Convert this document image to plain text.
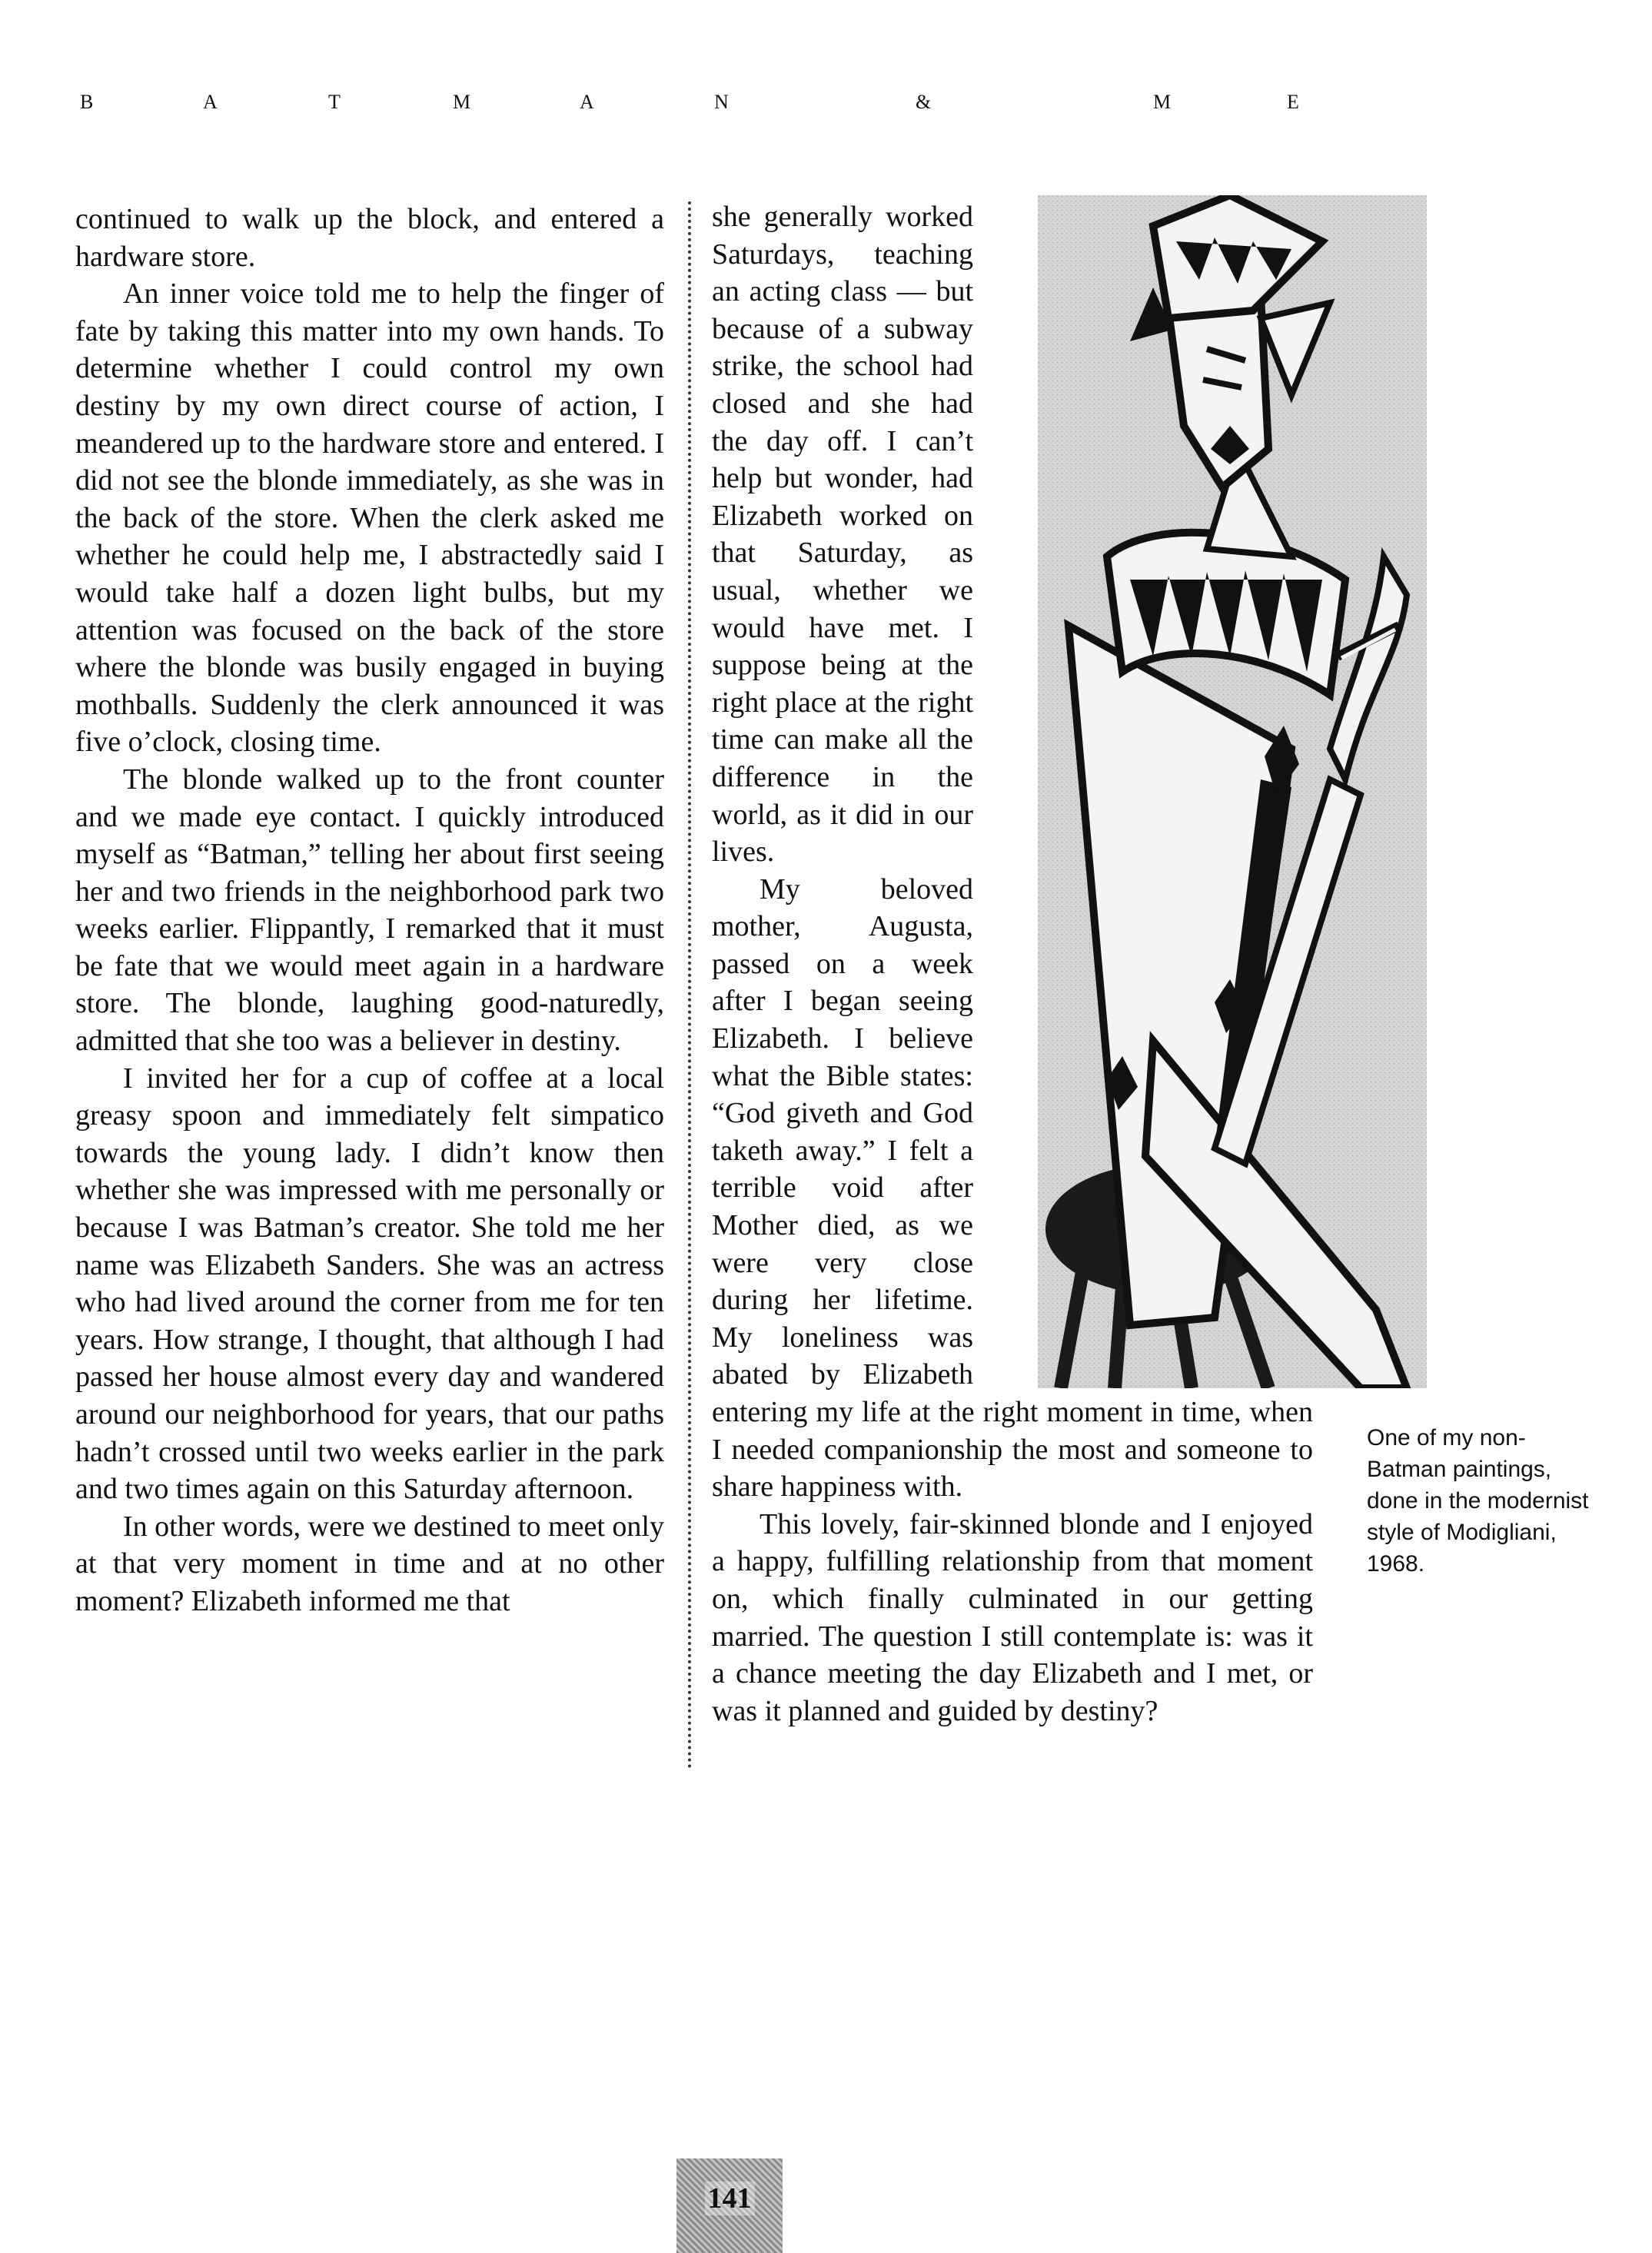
B	A	T	M	A	N	&	M	E

continued to walk up the block, and entered a hardware store.

An inner voice told me to help the finger of fate by taking this matter into my own hands. To determine whether I could control my own destiny by my own direct course of action, I meandered up to the hardware store and entered. I did not see the blonde immediately, as she was in the back of the store. When the clerk asked me whether he could help me, I abstractedly said I would take half a dozen light bulbs, but my attention was focused on the back of the store where the blonde was busily engaged in buying mothballs. Suddenly the clerk announced it was five o’clock, closing time.

The blonde walked up to the front counter and we made eye contact. I quickly introduced myself as “Batman,” telling her about first seeing her and two friends in the neighborhood park two weeks earlier. Flippantly, I remarked that it must be fate that we would meet again in a hardware store. The blonde, laughing good-naturedly, admitted that she too was a believer in destiny.

I invited her for a cup of coffee at a local greasy spoon and immediately felt simpatico towards the young lady. I didn’t know then whether she was impressed with me personally or because I was Batman’s creator. She told me her name was Elizabeth Sanders. She was an actress who had lived around the corner from me for ten years. How strange, I thought, that although I had passed her house almost every day and wandered around our neighborhood for years, that our paths hadn’t crossed until two weeks earlier in the park and two times again on this Saturday afternoon.

In other words, were we destined to meet only at that very moment in time and at no other moment? Elizabeth informed me that

she generally worked Saturdays, teaching an acting class — but because of a subway strike, the school had closed and she had the day off. I can’t help but wonder, had Elizabeth worked on that Saturday, as usual, whether we would have met. I suppose being at the right place at the right time can make all the difference in the world, as it did in our lives.

My beloved mother, Augusta, passed on a week after I began seeing Elizabeth. I believe what the Bible states: “God giveth and God taketh away.” I felt a terrible void after Mother died, as we were very close during her lifetime. My loneliness was abated by Elizabeth entering my life at the right moment in time, when I needed companionship the most and someone to share happiness with.

This lovely, fair-skinned blonde and I enjoyed a happy, fulfilling relationship from that moment on, which finally culminated in our getting married. The question I still contemplate is: was it a chance meeting the day Elizabeth and I met, or was it planned and guided by destiny?

One of my non-Batman paintings, done in the modernist style of Modigliani, 1968.
141
